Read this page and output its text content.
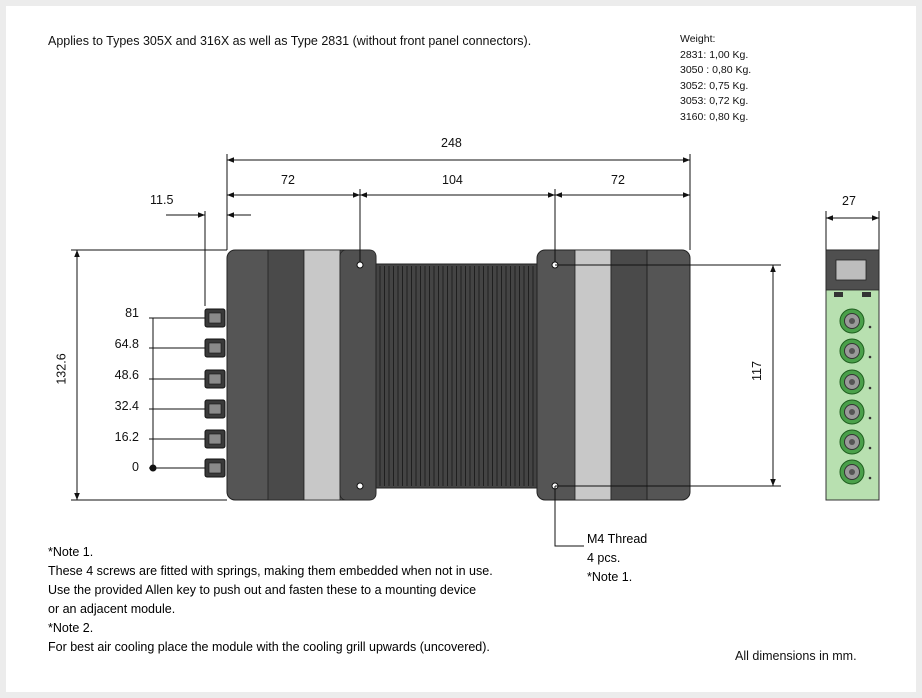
Applies to Types 305X and 316X as well as Type 2831 (without front panel connectors).	Weight:
2831: 1,00 Kg.
3050 : 0,80 Kg.
3052: 0,75 Kg.
3053: 0,72 Kg.
3160: 0,80 Kg.
248
72	104	72
11.5	27
132.6	117
81
64.8
48.6
32.4
16.2
0
M4 Thread
4 pcs.
*Note 1.
*Note 1.
These 4 screws are fitted with springs, making them embedded when not in use.
Use the provided Allen key to push out and fasten these to a mounting device
or an adjacent module.
*Note 2.
For best air cooling place the module with the cooling grill upwards (uncovered).
All dimensions in mm.
